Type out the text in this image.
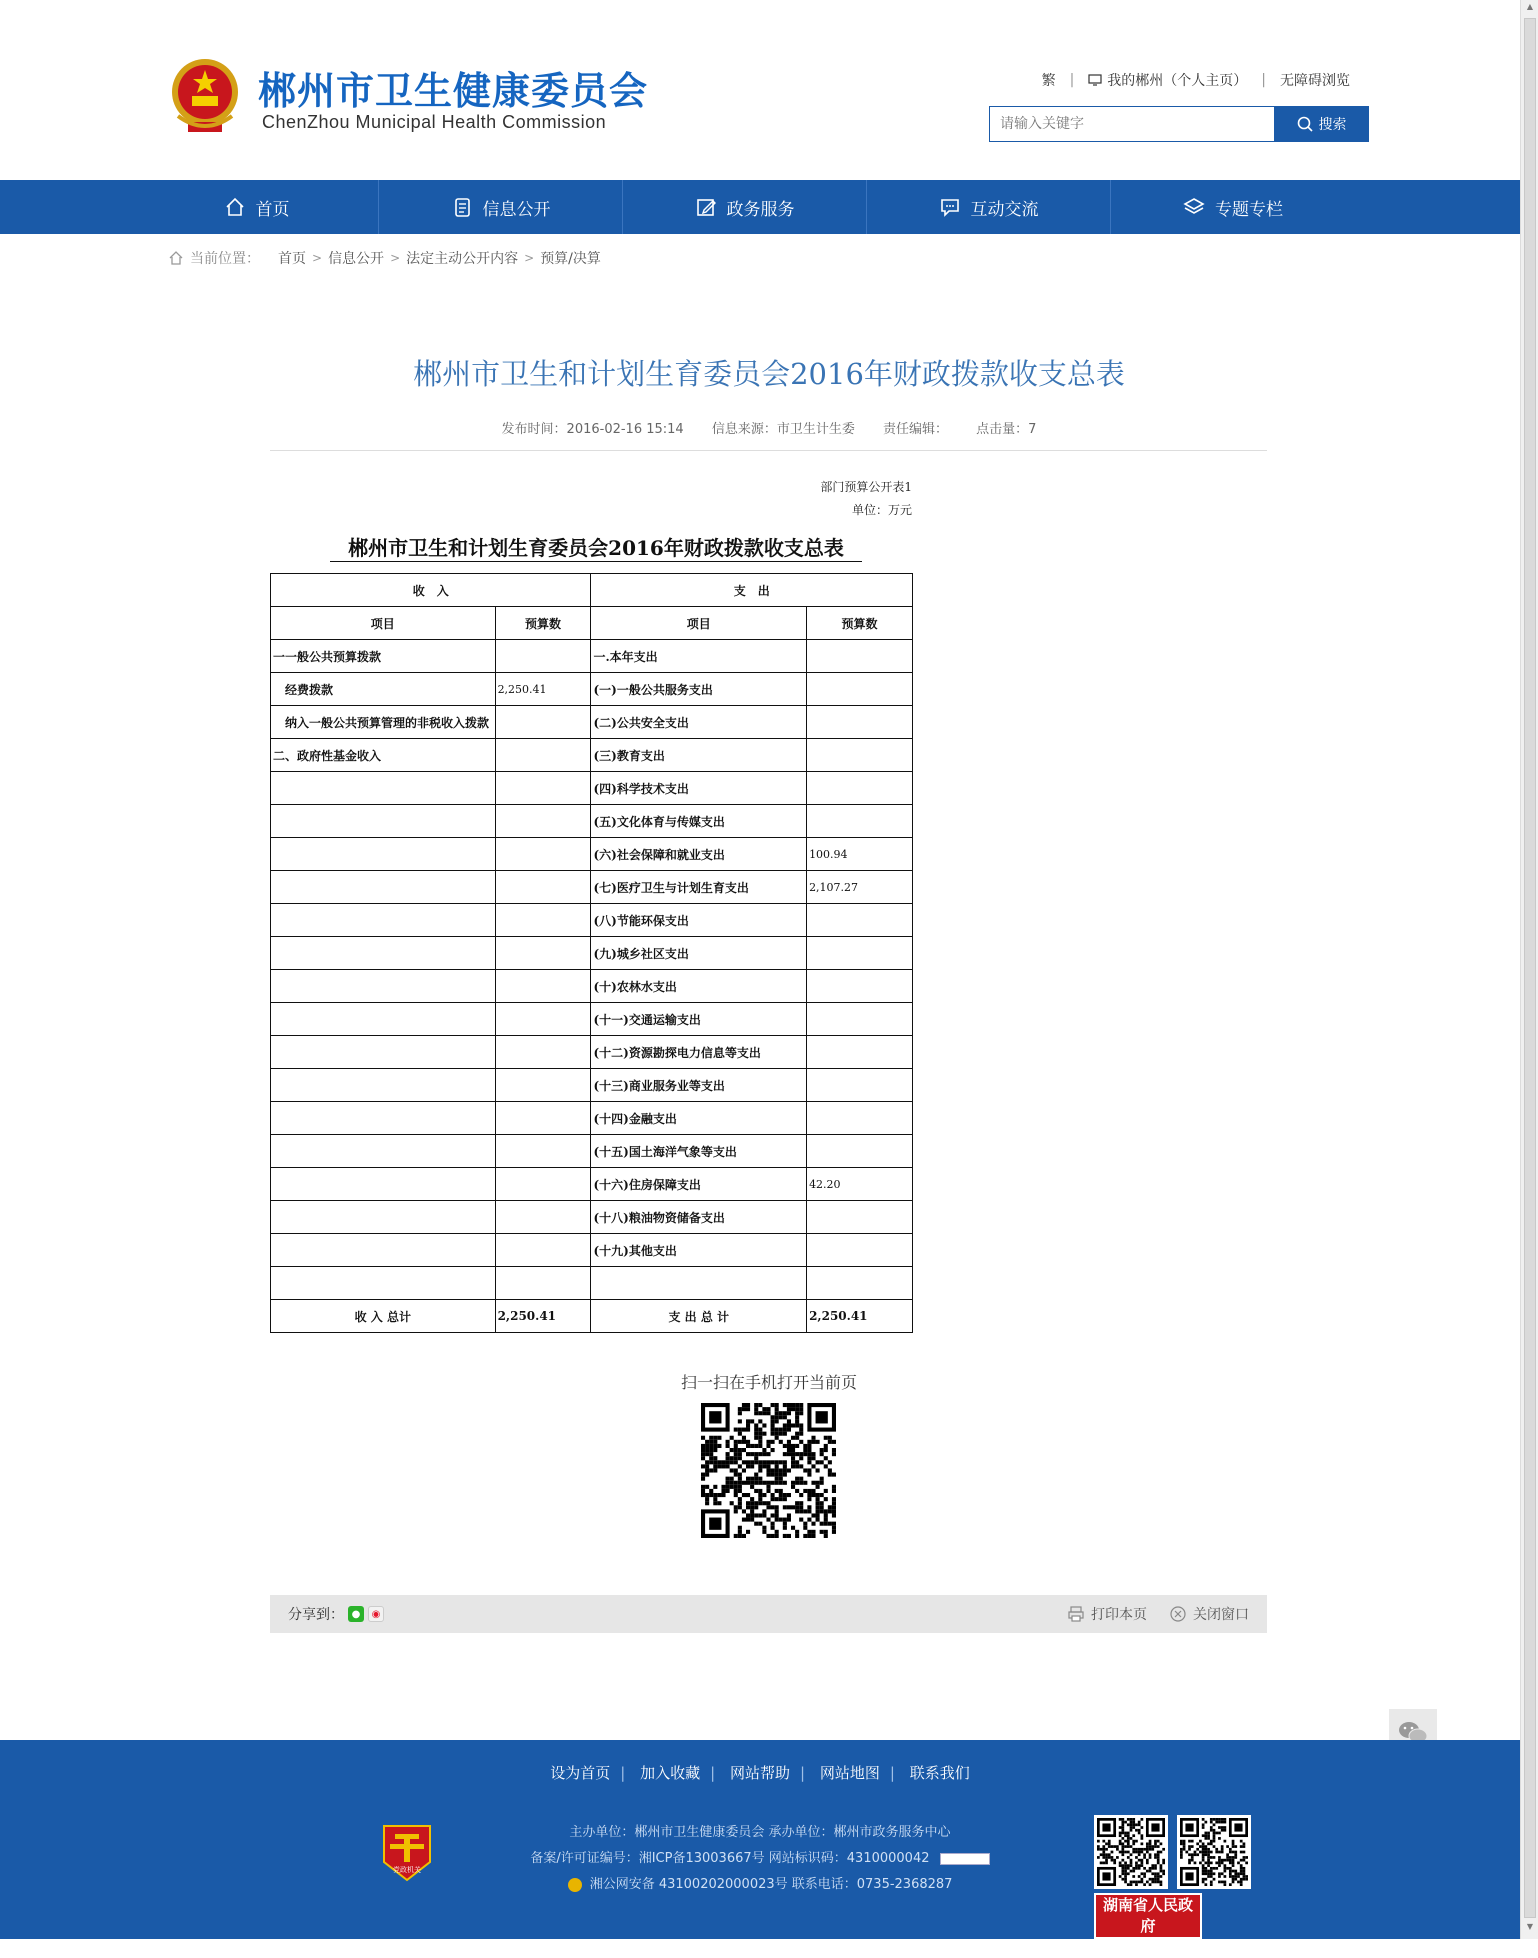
郴州市卫生健康委员会
ChenZhou Municipal Health Commission
繁 | 我的郴州（个人主页） | 无障碍浏览
请输入关键字
搜索
首页	信息公开	政务服务	互动交流	专题专栏
当前位置： 首页 > 信息公开 > 法定主动公开内容 > 预算/决算
郴州市卫生和计划生育委员会2016年财政拨款收支总表
发布时间：2016-02-16 15:14 信息来源：市卫生计生委 责任编辑： 点击量：7
部门预算公开表1
单位：万元
郴州市卫生和计划生育委员会2016年财政拨款收支总表
收　入		支　出	
项目	预算数	项目	预算数
一一般公共预算拨款		一.本年支出	
　经费拨款	2,250.41	(一)一般公共服务支出	
　纳入一般公共预算管理的非税收入拨款		(二)公共安全支出	
二、政府性基金收入		(三)教育支出	
		(四)科学技术支出	
		(五)文化体育与传媒支出	
		(六)社会保障和就业支出	100.94
		(七)医疗卫生与计划生育支出	2,107.27
		(八)节能环保支出	
		(九)城乡社区支出	
		(十)农林水支出	
		(十一)交通运输支出	
		(十二)资源勘探电力信息等支出	
		(十三)商业服务业等支出	
		(十四)金融支出	
		(十五)国土海洋气象等支出	
		(十六)住房保障支出	42.20
		(十八)粮油物资储备支出	
		(十九)其他支出	

收 入 总计	2,250.41	支 出 总 计	2,250.41
扫一扫在手机打开当前页
分享到： ●	◉	打印本页	关闭窗口
设为首页 | 加入收藏 | 网站帮助 | 网站地图 | 联系我们
主办单位：郴州市卫生健康委员会 承办单位：郴州市政务服务中心
备案/许可证编号：湘ICP备13003667号 网站标识码：4310000042
湘公网安备 43100202000023号 联系电话：0735-2368287
党政机关
湖南省人民政府
手机客户端
▲
▼
